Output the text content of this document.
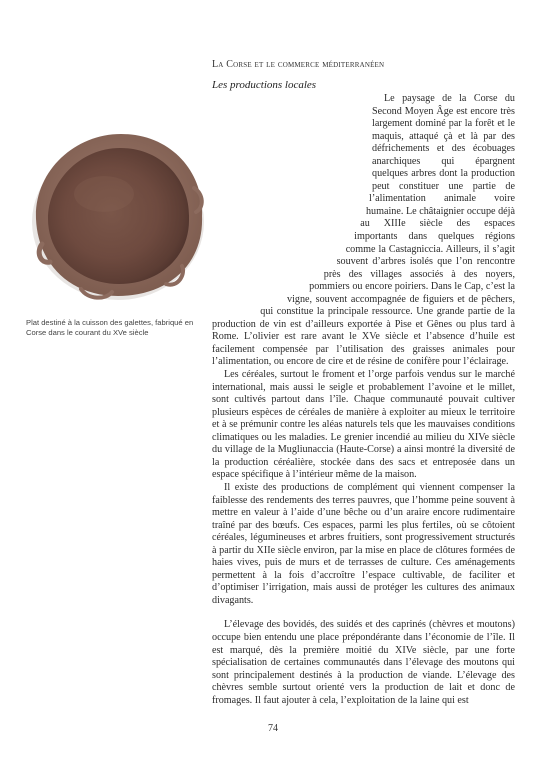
La Corse et le commerce méditerranéen
Les productions locales
Plat destiné à la cuisson des galettes, fabriqué en Corse dans le courant du XVe siècle

Le paysage de la Corse du Second Moyen Âge est encore très largement dominé par la forêt et le maquis, attaqué çà et là par des défrichements et des écobuages anarchiques qui épargnent quelques arbres dont la production peut constituer une partie de l’alimentation animale voire humaine. Le châtaignier occupe déjà au XIIIe siècle des espaces importants dans quelques régions comme la Castagniccia. Ailleurs, il s’agit souvent d’arbres isolés que l’on rencontre près des villages associés à des noyers, pommiers ou encore poiriers. Dans le Cap, c’est la vigne, souvent accompagnée de figuiers et de pêchers, qui constitue la principale ressource. Une grande partie de la production de vin est d’ailleurs exportée à Pise et Gênes ou plus tard à Rome. L’olivier est rare avant le XVe siècle et l’absence d’huile est facilement compensée par l’utilisation des graisses animales pour l’alimentation, ou encore de cire et de résine de conifère pour l’éclairage.

Les céréales, surtout le froment et l’orge parfois vendus sur le marché international, mais aussi le seigle et probablement l’avoine et le millet, sont cultivés partout dans l’île. Chaque communauté pouvait cultiver plusieurs espèces de céréales de manière à exploiter au mieux le territoire et à se prémunir contre les aléas naturels tels que les mauvaises conditions climatiques ou les maladies. Le grenier incendié au milieu du XIVe siècle du village de la Mugliunaccia (Haute-Corse) a ainsi montré la diversité de la production céréalière, stockée dans des sacs et entreposée dans un espace spécifique à l’intérieur même de la maison.

Il existe des productions de complément qui viennent compenser la faiblesse des rendements des terres pauvres, que l’homme peine souvent à mettre en valeur à l’aide d’une bêche ou d’un araire encore rudimentaire traîné par des bœufs. Ces espaces, parmi les plus fertiles, où se côtoient céréales, légumineuses et arbres fruitiers, sont progressivement structurés à partir du XIIe siècle environ, par la mise en place de clôtures formées de haies vives, puis de murs et de terrasses de culture. Ces aménagements permettent à la fois d’accroître l’espace cultivable, de faciliter et d’optimiser l’irrigation, mais aussi de protéger les cultures des animaux divagants.

L’élevage des bovidés, des suidés et des caprinés (chèvres et moutons) occupe bien entendu une place prépondérante dans l’économie de l’île. Il est marqué, dès la première moitié du XIVe siècle, par une forte spécialisation de certaines communautés dans l’élevage des moutons qui sont principalement destinés à la production de viande. L’élevage des chèvres semble surtout orienté vers la production de lait et donc de fromages. Il faut ajouter à cela, l’exploitation de la laine qui est

74
